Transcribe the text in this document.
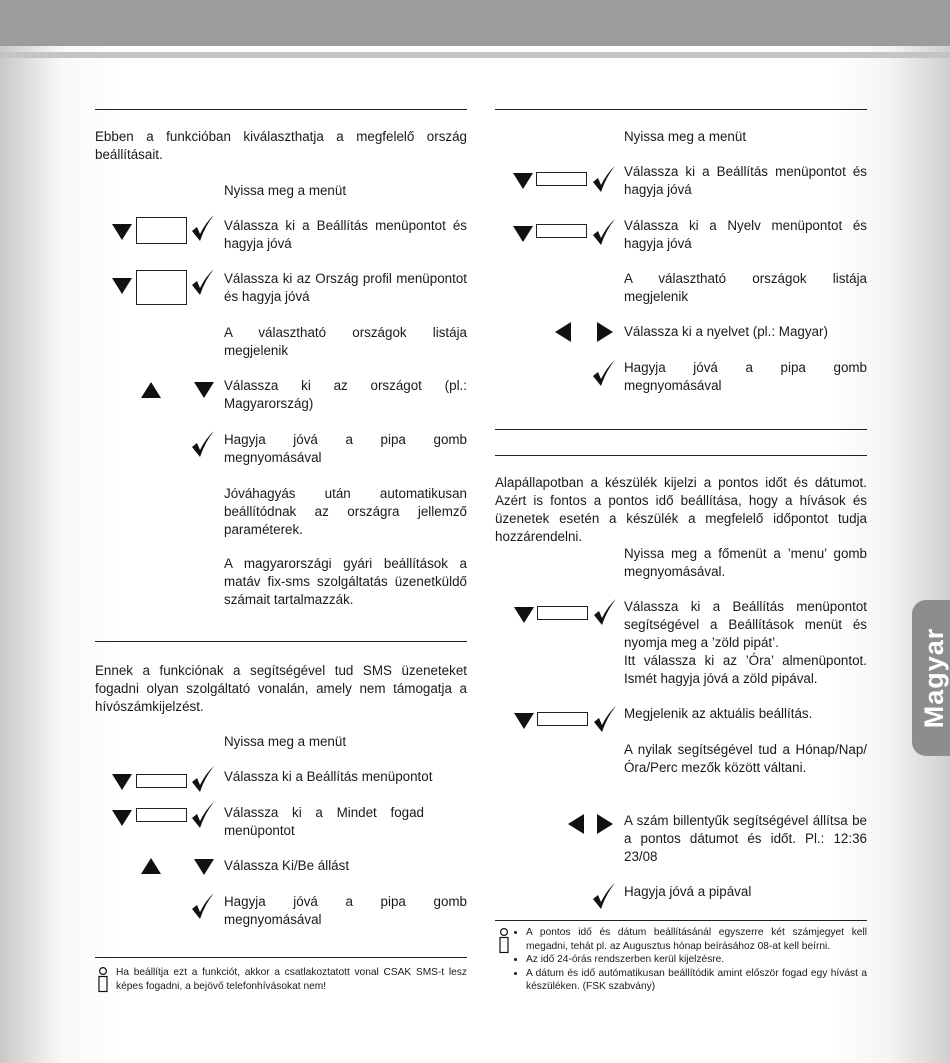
Ebben a funkcióban kiválaszthatja a megfelelő ország beállításait.

Nyissa meg a menüt
Válassza ki a Beállítás menüpontot és hagyja jóvá
Válassza ki az Ország profil menüpontot és hagyja jóvá
A választható országok listája megjelenik
Válassza ki az országot (pl.: Magyarország)
Hagyja jóvá a pipa gomb megnyomásával
Jóváhagyás után automatikusan beállítódnak az országra jellemző paraméterek.
A magyarországi gyári beállítások a matáv fix-sms szolgáltatás üzenetküldő számait tartalmazzák.

Ennek a funkciónak a segítségével tud SMS üzeneteket fogadni olyan szolgáltató vonalán, amely nem támogatja a hívószámkijelzést.

Nyissa meg a menüt
Válassza ki a Beállítás menüpontot
Válassza ki a Mindet fogad menüpontot
Válassza Ki/Be állást
Hagyja jóvá a pipa gomb megnyomásával
Ha beállítja ezt a funkciót, akkor a csatlakoztatott vonal CSAK SMS-t lesz képes fogadni, a bejövő telefonhívásokat nem!
Nyissa meg a menüt
Válassza ki a Beállítás menüpontot és hagyja jóvá
Válassza ki a Nyelv menüpontot és hagyja jóvá
A választható országok listája megjelenik
Válassza ki a nyelvet (pl.: Magyar)
Hagyja jóvá a pipa gomb megnyomásával

Alapállapotban a készülék kijelzi a pontos időt és dátumot. Azért is fontos a pontos idő beállítása, hogy a hívások és üzenetek esetén a készülék a megfelelő időpontot tudja hozzárendelni.

Nyissa meg a főmenüt a ’menu’ gomb megnyomásával.
Válassza ki a Beállítás menüpontot segítségével a Beállítások menüt és nyomja meg a ’zöld pipát’.
Itt válassza ki az ’Óra’ almenüpontot. Ismét hagyja jóvá a zöld pipával.
Megjelenik az aktuális beállítás.
A nyilak segítségével tud a Hónap/Nap/Óra/Perc mezők között váltani.
A szám billentyűk segítségével állítsa be a pontos dátumot és időt. Pl.: 12:36 23/08
Hagyja jóvá a pipával
• A pontos idő és dátum beállításánál egyszerre két számjegyet kell megadni, tehát pl. az Augusztus hónap beírásához 08-at kell beírni.
• Az idő 24-órás rendszerben kerül kijelzésre.
• A dátum és idő autómatikusan beállítódik amint először fogad egy hívást a készüléken. (FSK szabvány)
Magyar
